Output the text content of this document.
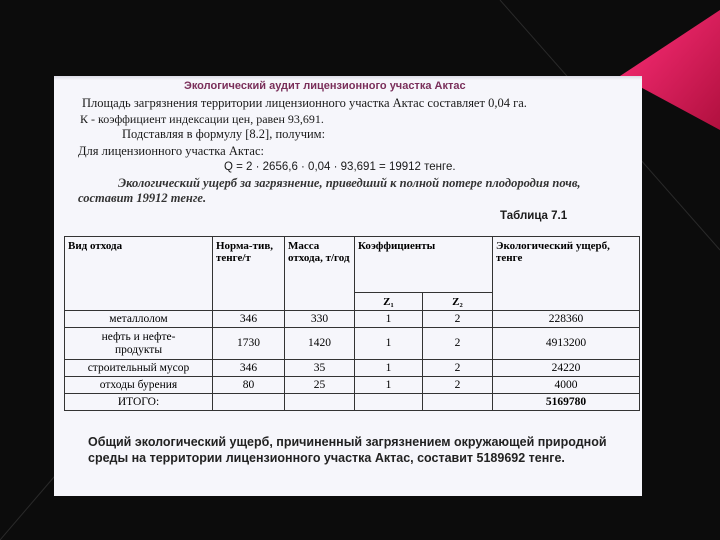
Экологический аудит лицензионного участка Актас
Площадь загрязнения территории лицензионного участка Актас составляет 0,04 га.
К - коэффициент индексации цен, равен 93,691.
Подставляя в формулу [8.2], получим:
Для лицензионного участка Актас:
Q = 2 · 2656,6 · 0,04 · 93,691 = 19912 тенге.
Экологический ущерб за загрязнение, приведший к полной потере плодородия почв,
составит 19912 тенге.
Таблица 7.1
Вид отхода	Норма-тив, тенге/т	Масса отхода, т/год	Коэффициенты		Экологический ущерб, тенге
			Z₁	Z₂	
металлолом	346	330	1	2	228360
нефть и нефте-продукты	1730	1420	1	2	4913200
строительный мусор	346	35	1	2	24220
отходы бурения	80	25	1	2	4000
ИТОГО:					5169780
Общий экологический ущерб, причиненный загрязнением окружающей природной среды на территории лицензионного участка Актас, составит 5189692 тенге.
